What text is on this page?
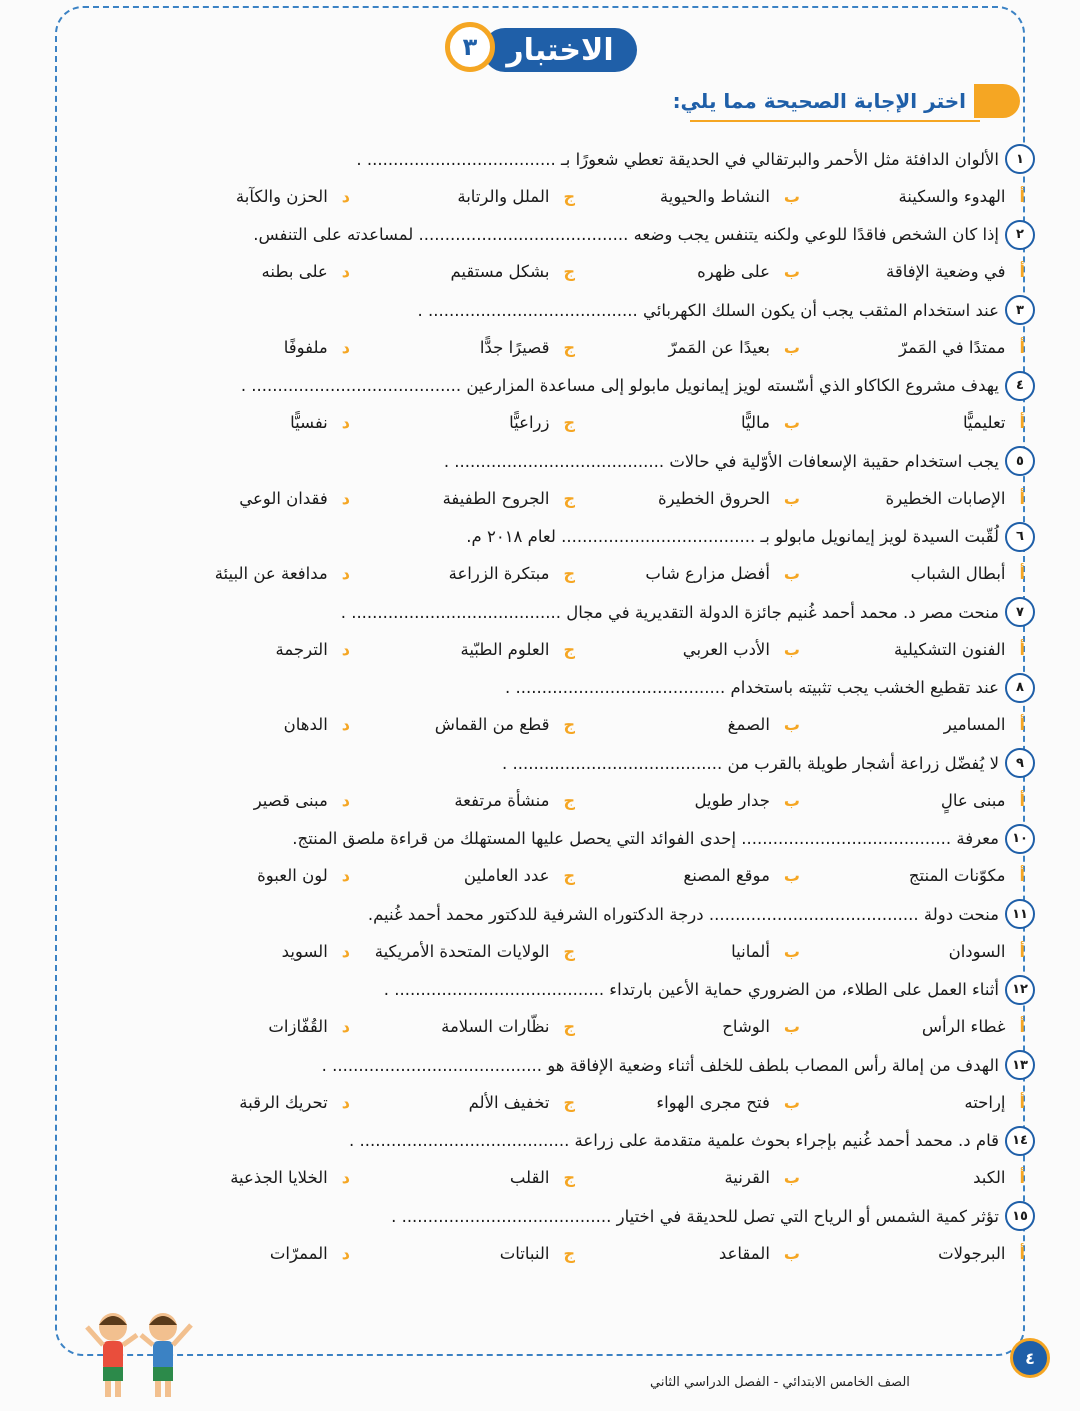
الاختبار
٣
اختر الإجابة الصحيحة مما يلي:
١
الألوان الدافئة مثل الأحمر والبرتقالي في الحديقة تعطي شعورًا بـ .................................... .
أ
الهدوء والسكينة
ب
النشاط والحيوية
ج
الملل والرتابة
د
الحزن والكآبة
٢
إذا كان الشخص فاقدًا للوعي ولكنه يتنفس يجب وضعه ........................................ لمساعدته على التنفس.
أ
في وضعية الإفاقة
ب
على ظهره
ج
بشكل مستقيم
د
على بطنه
٣
عند استخدام المثقب يجب أن يكون السلك الكهربائي ........................................ .
أ
ممتدًا في المَمرّ
ب
بعيدًا عن المَمرّ
ج
قصيرًا جدًّا
د
ملفوفًا
٤
يهدف مشروع الكاكاو الذي أسّسته لويز إيمانويل مابولو إلى مساعدة المزارعين ........................................ .
أ
تعليميًّا
ب
ماليًّا
ج
زراعيًّا
د
نفسيًّا
٥
يجب استخدام حقيبة الإسعافات الأوّلية في حالات ........................................ .
أ
الإصابات الخطيرة
ب
الحروق الخطيرة
ج
الجروح الطفيفة
د
فقدان الوعي
٦
لُقّبت السيدة لويز إيمانويل مابولو بـ ..................................... لعام ٢٠١٨ م.
أ
أبطال الشباب
ب
أفضل مزارع شاب
ج
مبتكرة الزراعة
د
مدافعة عن البيئة
٧
منحت مصر د. محمد أحمد غُنيم جائزة الدولة التقديرية في مجال ........................................ .
أ
الفنون التشكيلية
ب
الأدب العربي
ج
العلوم الطبّية
د
الترجمة
٨
عند تقطيع الخشب يجب تثبيته باستخدام ........................................ .
أ
المسامير
ب
الصمغ
ج
قطع من القماش
د
الدهان
٩
لا يُفضّل زراعة أشجار طويلة بالقرب من ........................................ .
أ
مبنى عالٍ
ب
جدار طويل
ج
منشأة مرتفعة
د
مبنى قصير
١٠
معرفة ........................................ إحدى الفوائد التي يحصل عليها المستهلك من قراءة ملصق المنتج.
أ
مكوّنات المنتج
ب
موقع المصنع
ج
عدد العاملين
د
لون العبوة
١١
منحت دولة ........................................ درجة الدكتوراه الشرفية للدكتور محمد أحمد غُنيم.
أ
السودان
ب
ألمانيا
ج
الولايات المتحدة الأمريكية
د
السويد
١٢
أثناء العمل على الطلاء، من الضروري حماية الأعين بارتداء ........................................ .
أ
غطاء الرأس
ب
الوشاح
ج
نظّارات السلامة
د
القُفّازات
١٣
الهدف من إمالة رأس المصاب بلطف للخلف أثناء وضعية الإفاقة هو ........................................ .
أ
إراحته
ب
فتح مجرى الهواء
ج
تخفيف الألم
د
تحريك الرقبة
١٤
قام د. محمد أحمد غُنيم بإجراء بحوث علمية متقدمة على زراعة ........................................ .
أ
الكبد
ب
القرنية
ج
القلب
د
الخلايا الجذعية
١٥
تؤثر كمية الشمس أو الرياح التي تصل للحديقة في اختيار ........................................ .
أ
البرجولات
ب
المقاعد
ج
النباتات
د
الممرّات
٤
الصف الخامس الابتدائي - الفصل الدراسي الثاني
